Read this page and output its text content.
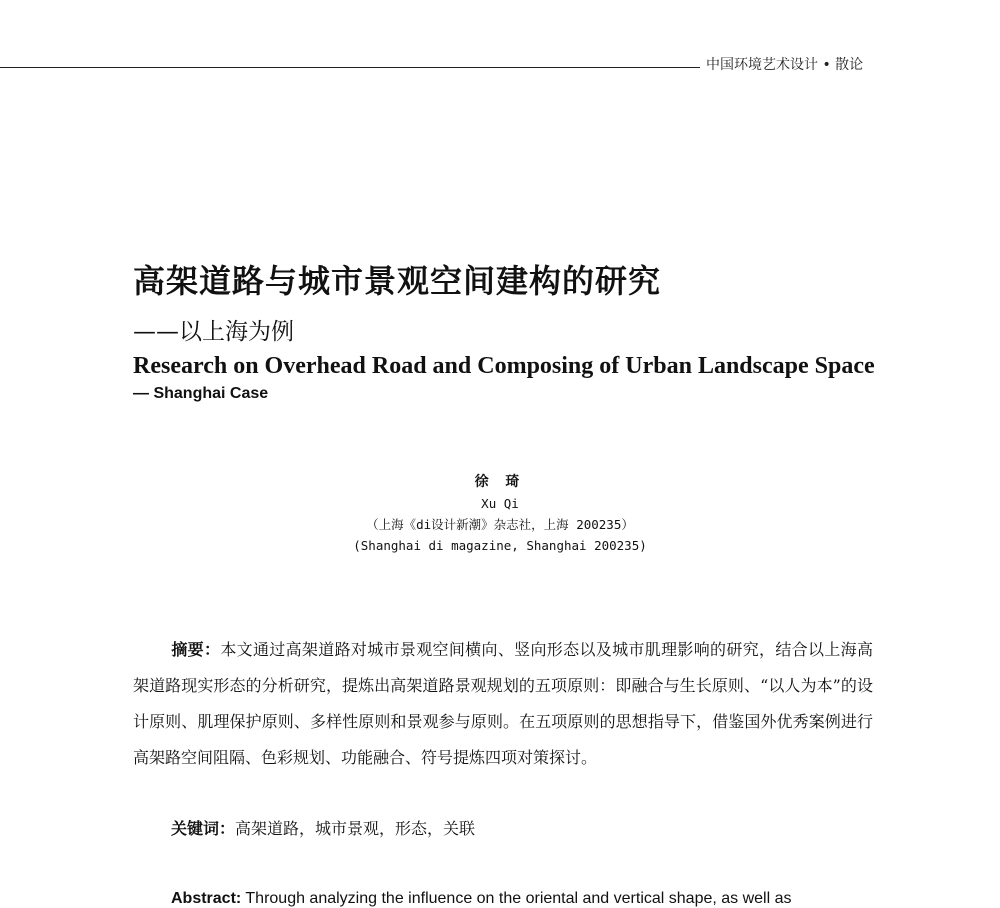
中国环境艺术设计 • 散论
高架道路与城市景观空间建构的研究
——以上海为例
Research on Overhead Road and Composing of Urban Landscape Space
— Shanghai Case
徐 琦
Xu Qi
（上海《di设计新潮》杂志社，上海 200235）
(Shanghai di magazine, Shanghai 200235)
摘要：本文通过高架道路对城市景观空间横向、竖向形态以及城市肌理影响的研究，结合以上海高架道路现实形态的分析研究，提炼出高架道路景观规划的五项原则：即融合与生长原则、“以人为本”的设计原则、肌理保护原则、多样性原则和景观参与原则。在五项原则的思想指导下，借鉴国外优秀案例进行高架路空间阻隔、色彩规划、功能融合、符号提炼四项对策探讨。
关键词：高架道路，城市景观，形态，关联
Abstract: Through analyzing the influence on the oriental and vertical shape, as well as
